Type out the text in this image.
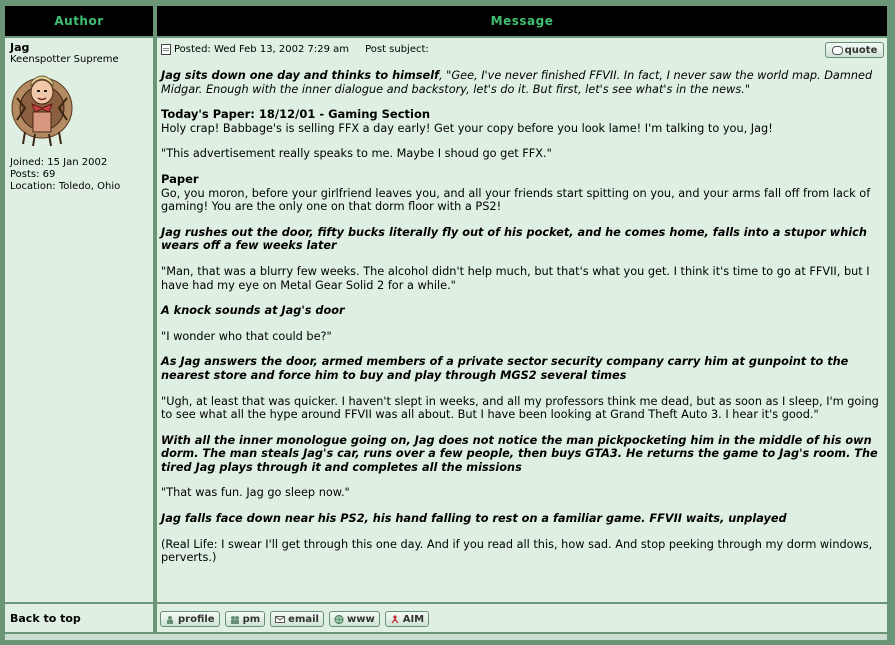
Author	Message
Jag
Keenspotter Supreme
Joined: 15 Jan 2002
Posts: 69
Location: Toledo, Ohio
Posted: Wed Feb 13, 2002 7:29 am Post subject:	quote

Jag sits down one day and thinks to himself, "Gee, I've never finished FFVII. In fact, I never saw the world map. Damned Midgar. Enough with the inner dialogue and backstory, let's do it. But first, let's see what's in the news."

Today's Paper: 18/12/01 - Gaming Section
Holy crap! Babbage's is selling FFX a day early! Get your copy before you look lame! I'm talking to you, Jag!

"This advertisement really speaks to me. Maybe I shoud go get FFX."

Paper
Go, you moron, before your girlfriend leaves you, and all your friends start spitting on you, and your arms fall off from lack of gaming! You are the only one on that dorm floor with a PS2!

Jag rushes out the door, fifty bucks literally fly out of his pocket, and he comes home, falls into a stupor which wears off a few weeks later

"Man, that was a blurry few weeks. The alcohol didn't help much, but that's what you get. I think it's time to go at FFVII, but I have had my eye on Metal Gear Solid 2 for a while."

A knock sounds at Jag's door

"I wonder who that could be?"

As Jag answers the door, armed members of a private sector security company carry him at gunpoint to the nearest store and force him to buy and play through MGS2 several times

"Ugh, at least that was quicker. I haven't slept in weeks, and all my professors think me dead, but as soon as I sleep, I'm going to see what all the hype around FFVII was all about. But I have been looking at Grand Theft Auto 3. I hear it's good."

With all the inner monologue going on, Jag does not notice the man pickpocketing him in the middle of his own dorm. The man steals Jag's car, runs over a few people, then buys GTA3. He returns the game to Jag's room. The tired Jag plays through it and completes all the missions

"That was fun. Jag go sleep now."

Jag falls face down near his PS2, his hand falling to rest on a familiar game. FFVII waits, unplayed

(Real Life: I swear I'll get through this one day. And if you read all this, how sad. And stop peeking through my dorm windows, perverts.)

Back to top	profile	pm	email	www	AIM
